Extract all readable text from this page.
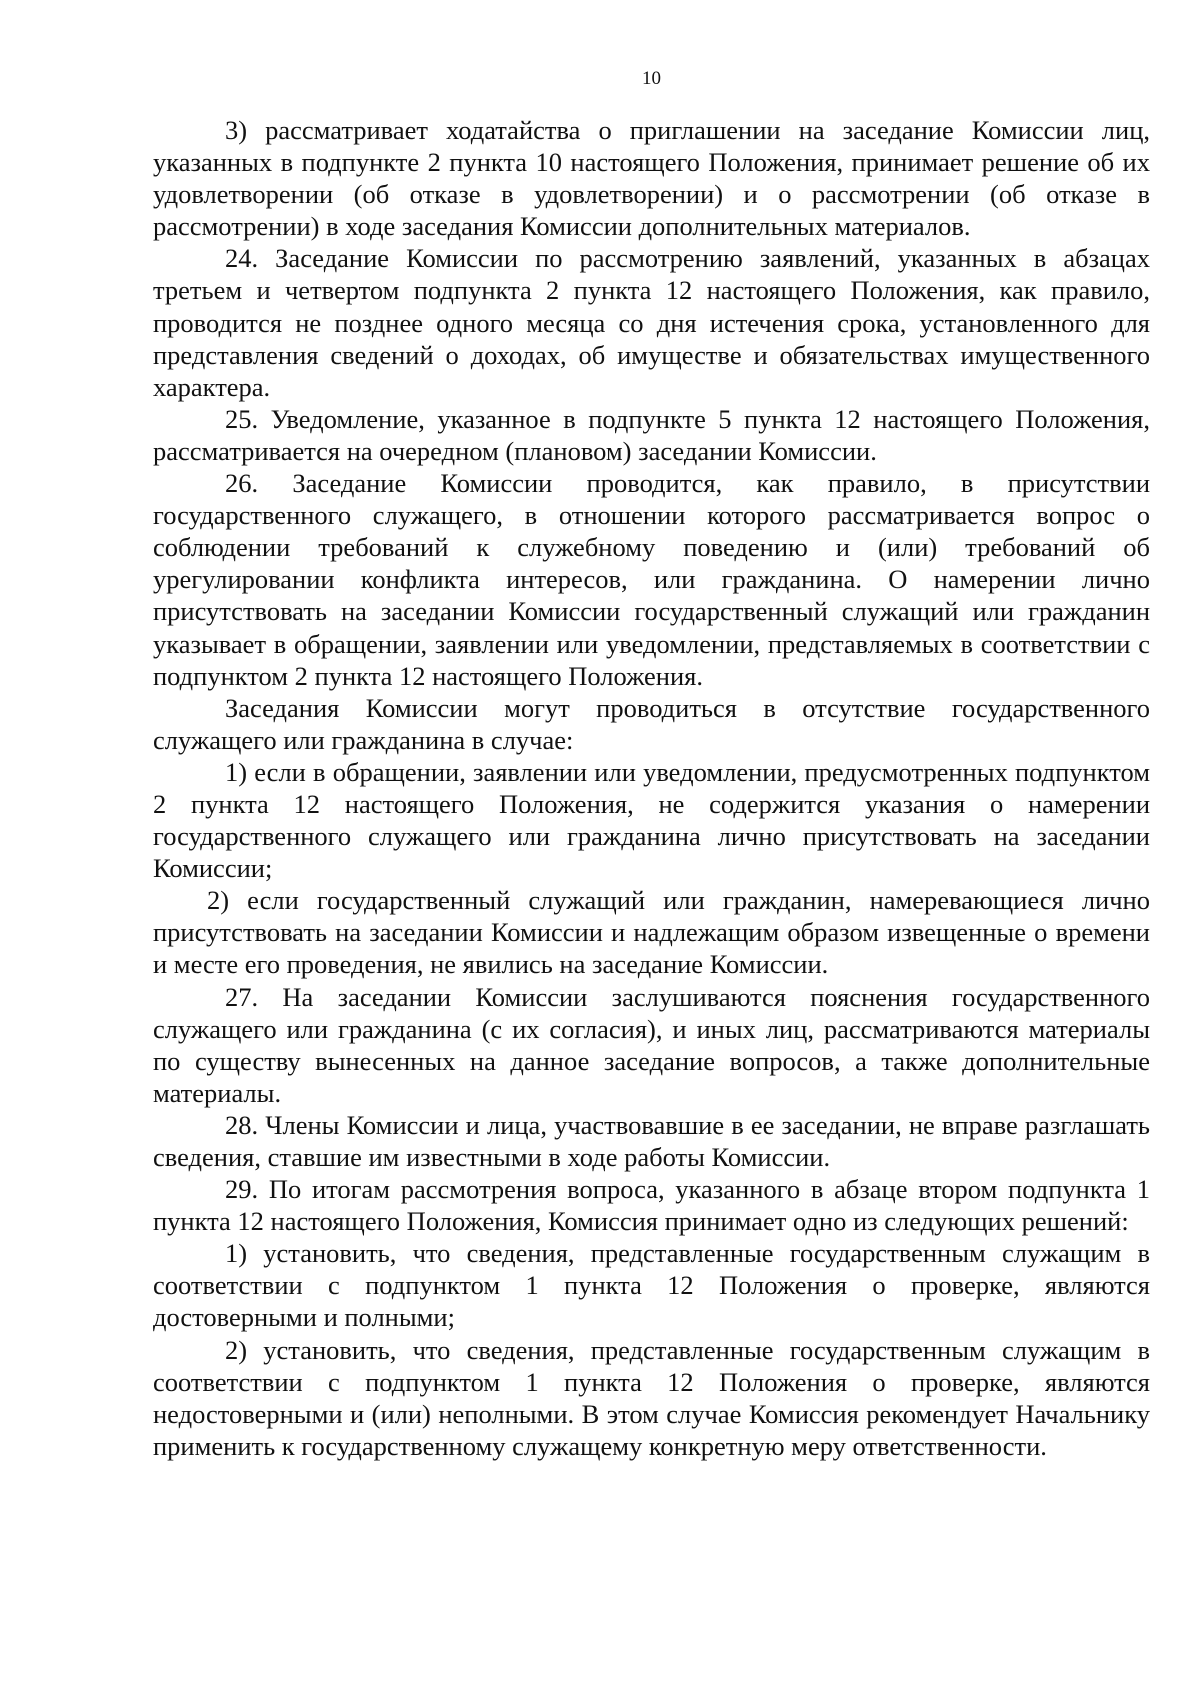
10

3) рассматривает ходатайства о приглашении на заседание Комиссии лиц, указанных в подпункте 2 пункта 10 настоящего Положения, принимает решение об их удовлетворении (об отказе в удовлетворении) и о рассмотрении (об отказе в рассмотрении) в ходе заседания Комиссии дополнительных материалов.

24. Заседание Комиссии по рассмотрению заявлений, указанных в абзацах третьем и четвертом подпункта 2 пункта 12 настоящего Положения, как правило, проводится не позднее одного месяца со дня истечения срока, установленного для представления сведений о доходах, об имуществе и обязательствах имущественного характера.

25. Уведомление, указанное в подпункте 5 пункта 12 настоящего Положения, рассматривается на очередном (плановом) заседании Комиссии.

26. Заседание Комиссии проводится, как правило, в присутствии государственного служащего, в отношении которого рассматривается вопрос о соблюдении требований к служебному поведению и (или) требований об урегулировании конфликта интересов, или гражданина. О намерении лично присутствовать на заседании Комиссии государственный служащий или гражданин указывает в обращении, заявлении или уведомлении, представляемых в соответствии с подпунктом 2 пункта 12 настоящего Положения.

Заседания Комиссии могут проводиться в отсутствие государственного служащего или гражданина в случае:

1) если в обращении, заявлении или уведомлении, предусмотренных подпунктом 2 пункта 12 настоящего Положения, не содержится указания о намерении государственного служащего или гражданина лично присутствовать на заседании Комиссии;

2) если государственный служащий или гражданин, намеревающиеся лично присутствовать на заседании Комиссии и надлежащим образом извещенные о времени и месте его проведения, не явились на заседание Комиссии.

27. На заседании Комиссии заслушиваются пояснения государственного служащего или гражданина (с их согласия), и иных лиц, рассматриваются материалы по существу вынесенных на данное заседание вопросов, а также дополнительные материалы.

28. Члены Комиссии и лица, участвовавшие в ее заседании, не вправе разглашать сведения, ставшие им известными в ходе работы Комиссии.

29. По итогам рассмотрения вопроса, указанного в абзаце втором подпункта 1 пункта 12 настоящего Положения, Комиссия принимает одно из следующих решений:

1) установить, что сведения, представленные государственным служащим в соответствии с подпунктом 1 пункта 12 Положения о проверке, являются достоверными и полными;

2) установить, что сведения, представленные государственным служащим в соответствии с подпунктом 1 пункта 12 Положения о проверке, являются недостоверными и (или) неполными. В этом случае Комиссия рекомендует Начальнику применить к государственному служащему конкретную меру ответственности.
